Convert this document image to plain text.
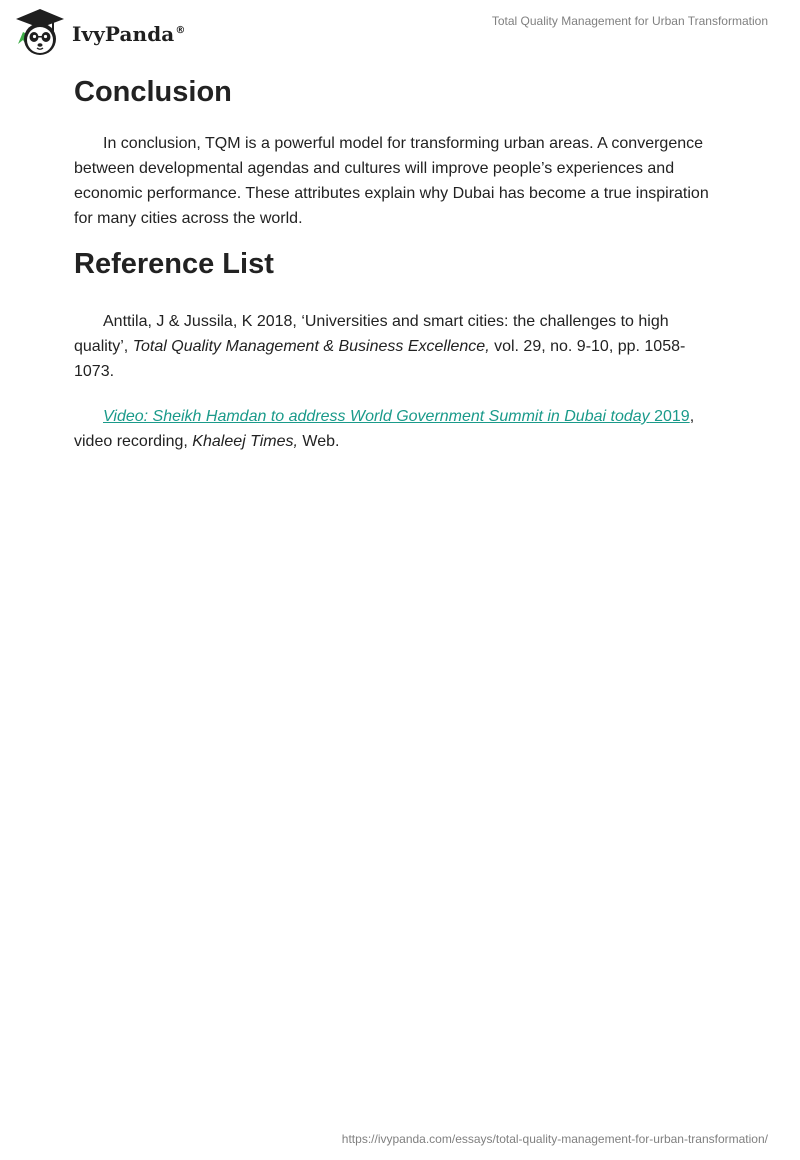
IvyPanda®
Total Quality Management for Urban Transformation
Conclusion

In conclusion, TQM is a powerful model for transforming urban areas. A convergence between developmental agendas and cultures will improve people’s experiences and economic performance. These attributes explain why Dubai has become a true inspiration for many cities across the world.

Reference List

Anttila, J & Jussila, K 2018, ‘Universities and smart cities: the challenges to high quality’, Total Quality Management & Business Excellence, vol. 29, no. 9-10, pp. 1058-1073.

Video: Sheikh Hamdan to address World Government Summit in Dubai today 2019, video recording, Khaleej Times, Web.

https://ivypanda.com/essays/total-quality-management-for-urban-transformation/
